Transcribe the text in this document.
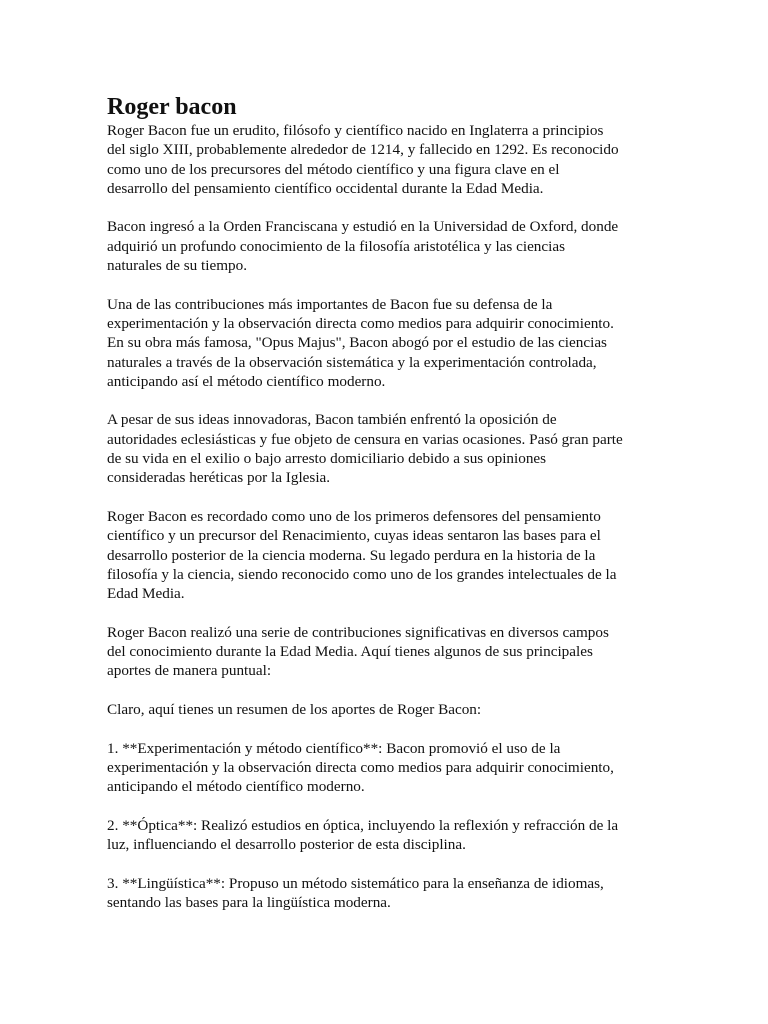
Roger bacon

Roger Bacon fue un erudito, filósofo y científico nacido en Inglaterra a principios
del siglo XIII, probablemente alrededor de 1214, y fallecido en 1292. Es reconocido
como uno de los precursores del método científico y una figura clave en el
desarrollo del pensamiento científico occidental durante la Edad Media.

Bacon ingresó a la Orden Franciscana y estudió en la Universidad de Oxford, donde
adquirió un profundo conocimiento de la filosofía aristotélica y las ciencias
naturales de su tiempo.

Una de las contribuciones más importantes de Bacon fue su defensa de la
experimentación y la observación directa como medios para adquirir conocimiento.
En su obra más famosa, "Opus Majus", Bacon abogó por el estudio de las ciencias
naturales a través de la observación sistemática y la experimentación controlada,
anticipando así el método científico moderno.

A pesar de sus ideas innovadoras, Bacon también enfrentó la oposición de
autoridades eclesiásticas y fue objeto de censura en varias ocasiones. Pasó gran parte
de su vida en el exilio o bajo arresto domiciliario debido a sus opiniones
consideradas heréticas por la Iglesia.

Roger Bacon es recordado como uno de los primeros defensores del pensamiento
científico y un precursor del Renacimiento, cuyas ideas sentaron las bases para el
desarrollo posterior de la ciencia moderna. Su legado perdura en la historia de la
filosofía y la ciencia, siendo reconocido como uno de los grandes intelectuales de la
Edad Media.

Roger Bacon realizó una serie de contribuciones significativas en diversos campos
del conocimiento durante la Edad Media. Aquí tienes algunos de sus principales
aportes de manera puntual:

Claro, aquí tienes un resumen de los aportes de Roger Bacon:

1. **Experimentación y método científico**: Bacon promovió el uso de la
experimentación y la observación directa como medios para adquirir conocimiento,
anticipando el método científico moderno.

2. **Óptica**: Realizó estudios en óptica, incluyendo la reflexión y refracción de la
luz, influenciando el desarrollo posterior de esta disciplina.

3. **Lingüística**: Propuso un método sistemático para la enseñanza de idiomas,
sentando las bases para la lingüística moderna.
